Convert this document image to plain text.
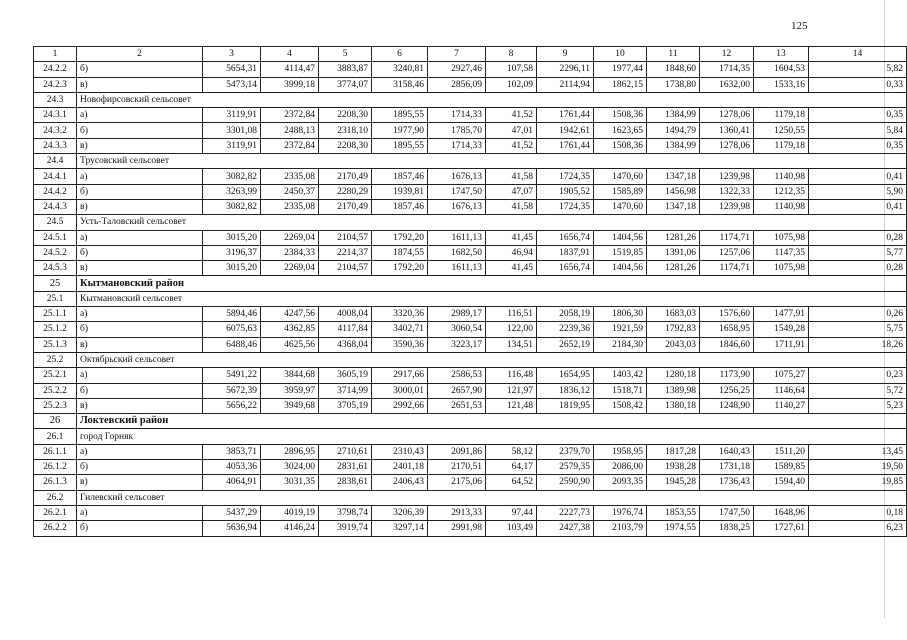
125
1	2	3	4	5	6	7	8	9	10	11	12	13	14
24.2.2	б)	5654,31	4114,47	3883,87	3240,81	2927,46	107,58	2296,11	1977,44	1848,60	1714,35	1604,53	5,82
24.2.3	в)	5473,14	3999,18	3774,07	3158,46	2856,09	102,09	2114,94	1862,15	1738,80	1632,00	1533,16	0,33
24.3	Новофирсовский сельсовет												
24.3.1	а)	3119,91	2372,84	2208,30	1895,55	1714,33	41,52	1761,44	1508,36	1384,99	1278,06	1179,18	0,35
24.3.2	б)	3301,08	2488,13	2318,10	1977,90	1785,70	47,01	1942,61	1623,65	1494,79	1360,41	1250,55	5,84
24.3.3	в)	3119,91	2372,84	2208,30	1895,55	1714,33	41,52	1761,44	1508,36	1384,99	1278,06	1179,18	0,35
24.4	Трусовский сельсовет												
24.4.1	а)	3082,82	2335,08	2170,49	1857,46	1676,13	41,58	1724,35	1470,60	1347,18	1239,98	1140,98	0,41
24.4.2	б)	3263,99	2450,37	2280,29	1939,81	1747,50	47,07	1905,52	1585,89	1456,98	1322,33	1212,35	5,90
24.4.3	в)	3082,82	2335,08	2170,49	1857,46	1676,13	41,58	1724,35	1470,60	1347,18	1239,98	1140,98	0,41
24.5	Усть-Таловский сельсовет												
24.5.1	а)	3015,20	2269,04	2104,57	1792,20	1611,13	41,45	1656,74	1404,56	1281,26	1174,71	1075,98	0,28
24.5.2	б)	3196,37	2384,33	2214,37	1874,55	1682,50	46,94	1837,91	1519,85	1391,06	1257,06	1147,35	5,77
24.5.3	в)	3015,20	2269,04	2104,57	1792,20	1611,13	41,45	1656,74	1404,56	1281,26	1174,71	1075,98	0,28
25	Кытмановский район												
25.1	Кытмановский сельсовет												
25.1.1	а)	5894,46	4247,56	4008,04	3320,36	2989,17	116,51	2058,19	1806,30	1683,03	1576,60	1477,91	0,26
25.1.2	б)	6075,63	4362,85	4117,84	3402,71	3060,54	122,00	2239,36	1921,59	1792,83	1658,95	1549,28	5,75
25.1.3	в)	6488,46	4625,56	4368,04	3590,36	3223,17	134,51	2652,19	2184,30	2043,03	1846,60	1711,91	18,26
25.2	Октябрьский сельсовет												
25.2.1	а)	5491,22	3844,68	3605,19	2917,66	2586,53	116,48	1654,95	1403,42	1280,18	1173,90	1075,27	0,23
25.2.2	б)	5672,39	3959,97	3714,99	3000,01	2657,90	121,97	1836,12	1518,71	1389,98	1256,25	1146,64	5,72
25.2.3	в)	5656,22	3949,68	3705,19	2992,66	2651,53	121,48	1819,95	1508,42	1380,18	1248,90	1140,27	5,23
26	Локтевский район												
26.1	город Горняк												
26.1.1	а)	3853,71	2896,95	2710,61	2310,43	2091,86	58,12	2379,70	1958,95	1817,28	1640,43	1511,20	13,45
26.1.2	б)	4053,36	3024,00	2831,61	2401,18	2170,51	64,17	2579,35	2086,00	1938,28	1731,18	1589,85	19,50
26.1.3	в)	4064,91	3031,35	2838,61	2406,43	2175,06	64,52	2590,90	2093,35	1945,28	1736,43	1594,40	19,85
26.2	Гилевский сельсовет												
26.2.1	а)	5437,29	4019,19	3798,74	3206,39	2913,33	97,44	2227,73	1976,74	1853,55	1747,50	1648,96	0,18
26.2.2	б)	5636,94	4146,24	3919,74	3297,14	2991,98	103,49	2427,38	2103,79	1974,55	1838,25	1727,61	6,23
